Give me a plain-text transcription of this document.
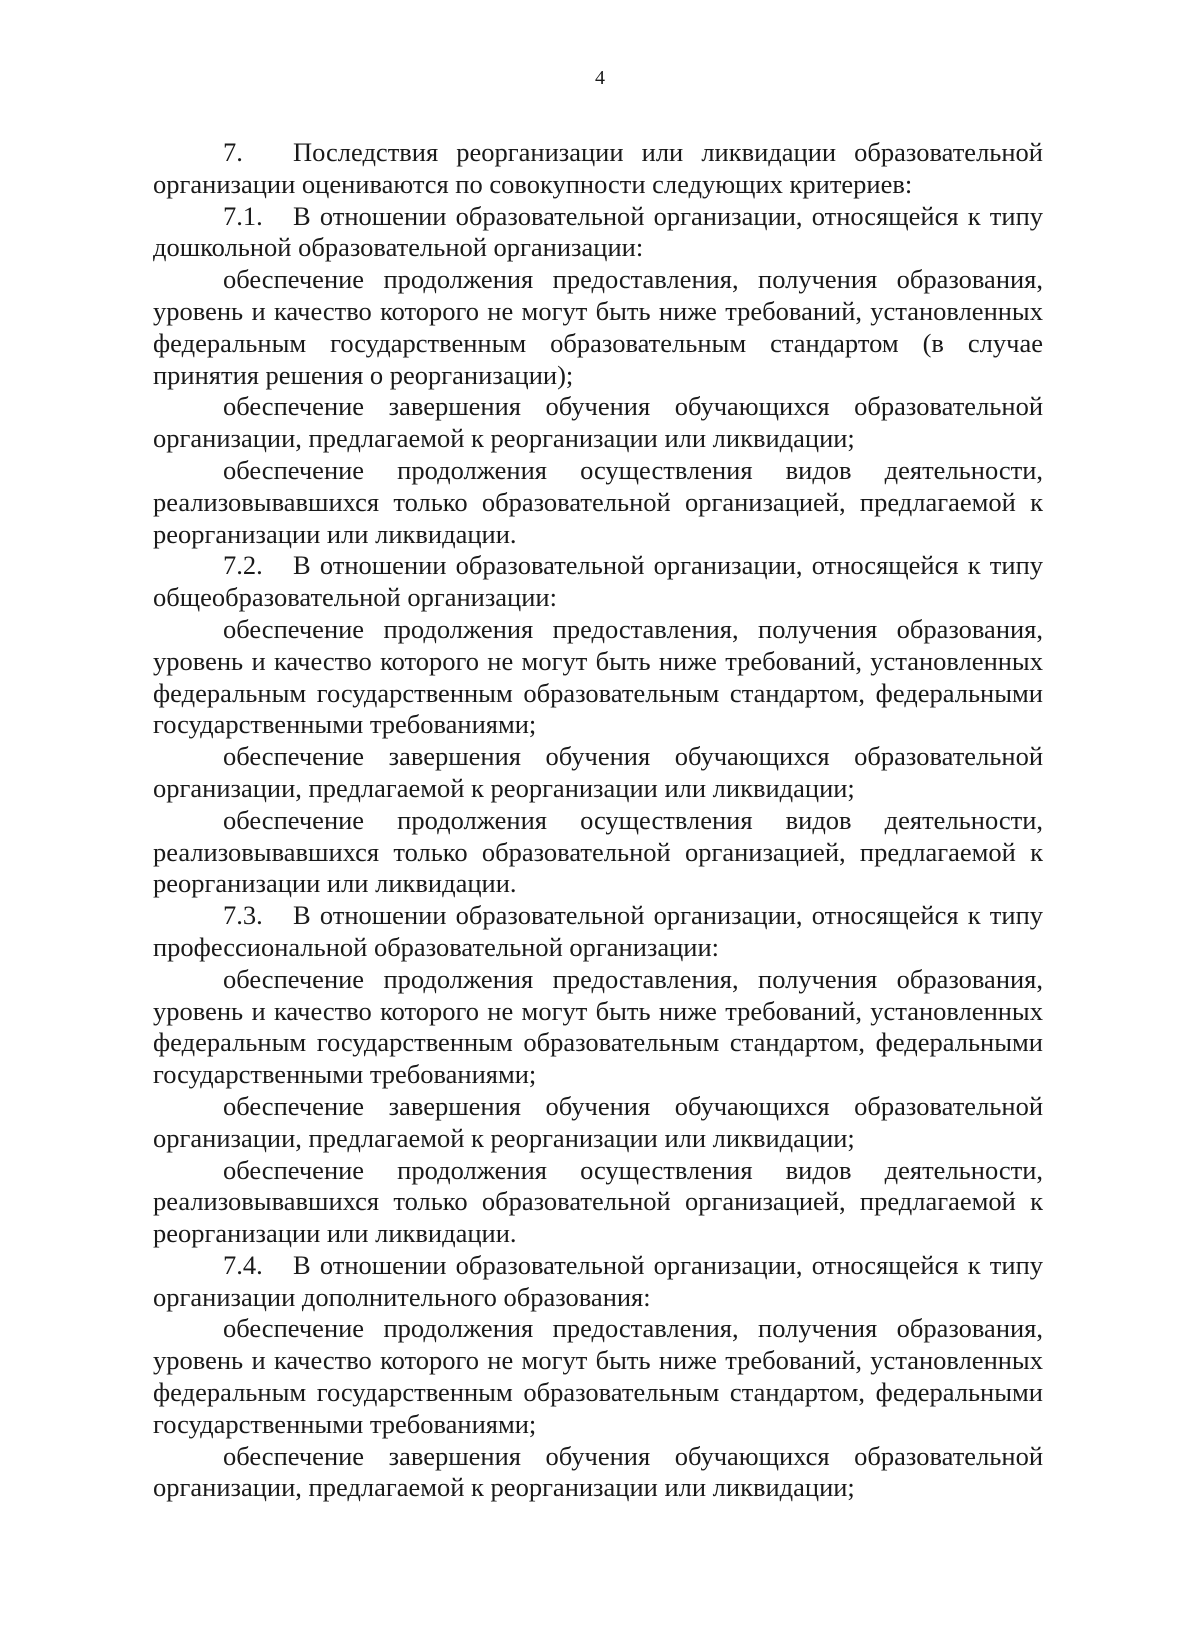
4

7. Последствия реорганизации или ликвидации образовательной организации оцениваются по совокупности следующих критериев:

7.1. В отношении образовательной организации, относящейся к типу дошкольной образовательной организации:

обеспечение продолжения предоставления, получения образования, уровень и качество которого не могут быть ниже требований, установленных федеральным государственным образовательным стандартом (в случае принятия решения о реорганизации);

обеспечение завершения обучения обучающихся образовательной организации, предлагаемой к реорганизации или ликвидации;

обеспечение продолжения осуществления видов деятельности, реализовывавшихся только образовательной организацией, предлагаемой к реорганизации или ликвидации.

7.2. В отношении образовательной организации, относящейся к типу общеобразовательной организации:

обеспечение продолжения предоставления, получения образования, уровень и качество которого не могут быть ниже требований, установленных федеральным государственным образовательным стандартом, федеральными государственными требованиями;

обеспечение завершения обучения обучающихся образовательной организации, предлагаемой к реорганизации или ликвидации;

обеспечение продолжения осуществления видов деятельности, реализовывавшихся только образовательной организацией, предлагаемой к реорганизации или ликвидации.

7.3. В отношении образовательной организации, относящейся к типу профессиональной образовательной организации:

обеспечение продолжения предоставления, получения образования, уровень и качество которого не могут быть ниже требований, установленных федеральным государственным образовательным стандартом, федеральными государственными требованиями;

обеспечение завершения обучения обучающихся образовательной организации, предлагаемой к реорганизации или ликвидации;

обеспечение продолжения осуществления видов деятельности, реализовывавшихся только образовательной организацией, предлагаемой к реорганизации или ликвидации.

7.4. В отношении образовательной организации, относящейся к типу организации дополнительного образования:

обеспечение продолжения предоставления, получения образования, уровень и качество которого не могут быть ниже требований, установленных федеральным государственным образовательным стандартом, федеральными государственными требованиями;

обеспечение завершения обучения обучающихся образовательной организации, предлагаемой к реорганизации или ликвидации;
